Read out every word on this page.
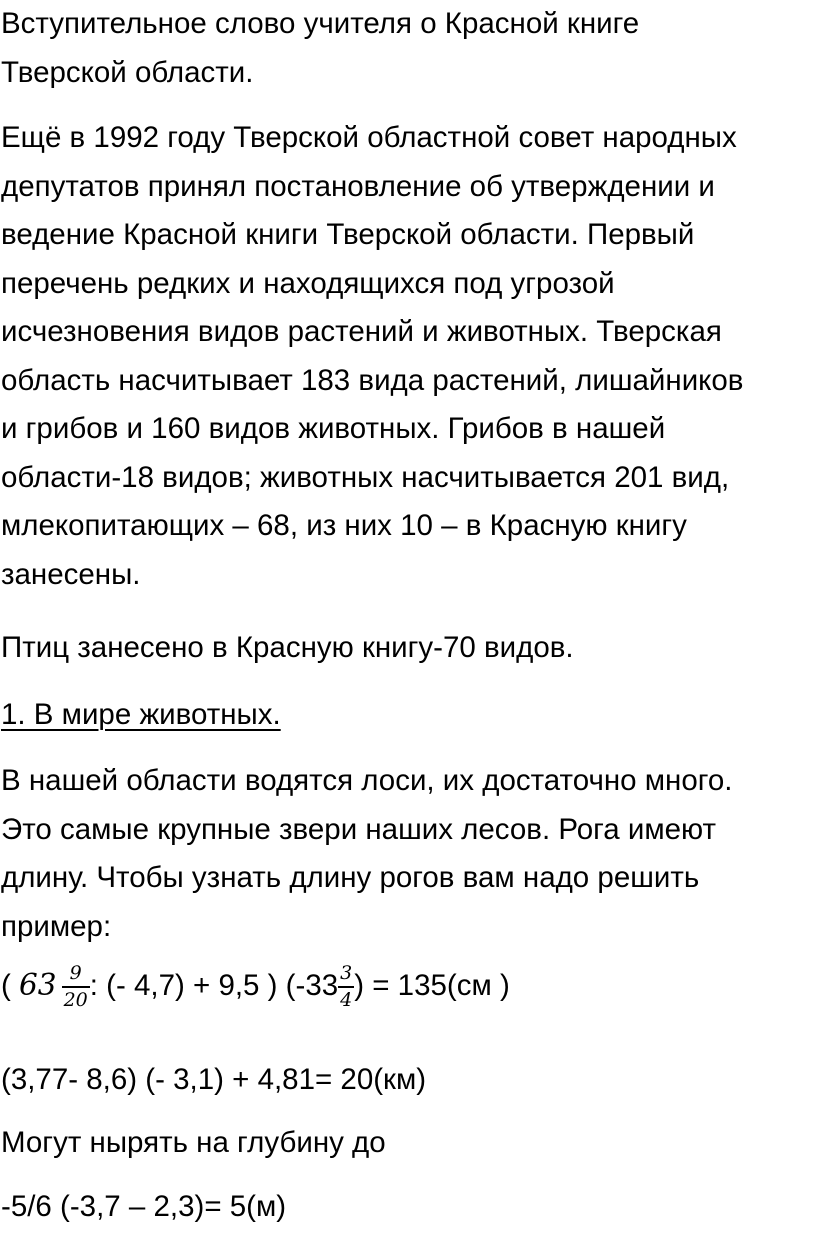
Вступительное слово учителя о Красной книге

Тверской области.

Ещё в 1992 году Тверской областной совет народных

депутатов принял постановление об утверждении и

ведение Красной книги Тверской области. Первый

перечень редких и находящихся под угрозой

исчезновения видов растений и животных. Тверская

область насчитывает 183 вида растений, лишайников

и грибов и 160 видов животных. Грибов в нашей

области-18 видов; животных насчитывается 201 вид,

млекопитающих – 68, из них 10 – в Красную книгу

занесены.

Птиц занесено в Красную книгу-70 видов.

1. В мире животных.

В нашей области водятся лоси, их достаточно много.

Это самые крупные звери наших лесов. Рога имеют

длину. Чтобы узнать длину рогов вам надо решить

пример:

( $63 \frac{9}{20}$ : (- 4,7) + 9,5 ) ($-33 \frac{3}{4}$ ) = 135(см )

(3,77- 8,6) (- 3,1) + 4,81= 20(км)

Могут нырять на глубину до

-5/6 (-3,7 – 2,3)= 5(м)
